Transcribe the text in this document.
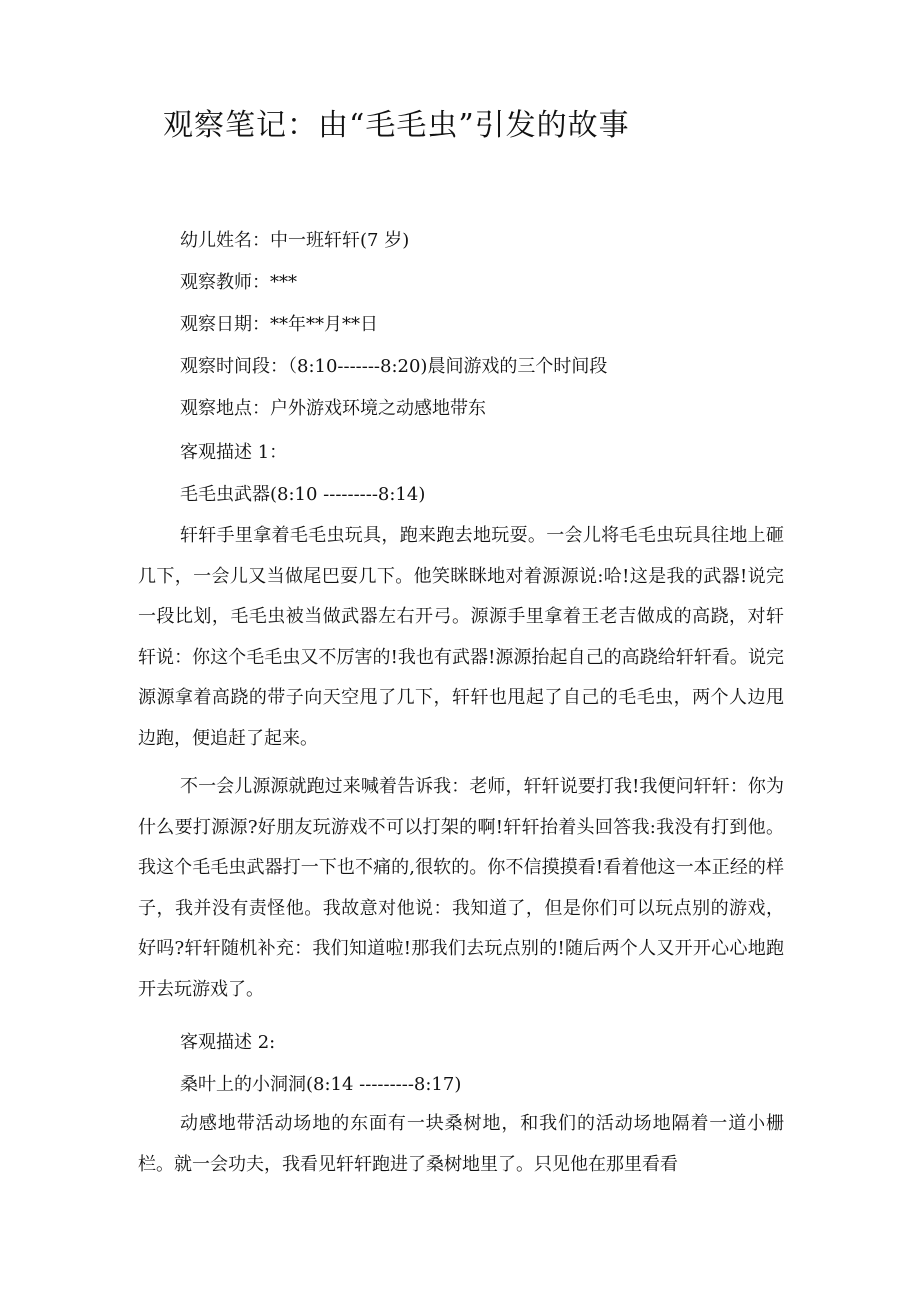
观察笔记：由“毛毛虫”引发的故事
幼儿姓名：中一班轩轩(7 岁)
观察教师：***
观察日期：**年**月**日
观察时间段：（8:10-------8:20)晨间游戏的三个时间段
观察地点：户外游戏环境之动感地带东
客观描述 1：
毛毛虫武器(8:10 ---------8:14)

轩轩手里拿着毛毛虫玩具，跑来跑去地玩耍。一会儿将毛毛虫玩具往地上砸几下，一会儿又当做尾巴耍几下。他笑眯眯地对着源源说:哈!这是我的武器!说完一段比划，毛毛虫被当做武器左右开弓。源源手里拿着王老吉做成的高跷，对轩轩说：你这个毛毛虫又不厉害的!我也有武器!源源抬起自己的高跷给轩轩看。说完源源拿着高跷的带子向天空甩了几下，轩轩也甩起了自己的毛毛虫，两个人边甩边跑，便追赶了起来。

不一会儿源源就跑过来喊着告诉我：老师，轩轩说要打我!我便问轩轩：你为什么要打源源?好朋友玩游戏不可以打架的啊!轩轩抬着头回答我:我没有打到他。我这个毛毛虫武器打一下也不痛的,很软的。你不信摸摸看!看着他这一本正经的样子，我并没有责怪他。我故意对他说：我知道了，但是你们可以玩点别的游戏，好吗?轩轩随机补充：我们知道啦!那我们去玩点别的!随后两个人又开开心心地跑开去玩游戏了。

客观描述 2:
桑叶上的小洞洞(8:14 ---------8:17)

动感地带活动场地的东面有一块桑树地，和我们的活动场地隔着一道小栅栏。就一会功夫，我看见轩轩跑进了桑树地里了。只见他在那里看看
